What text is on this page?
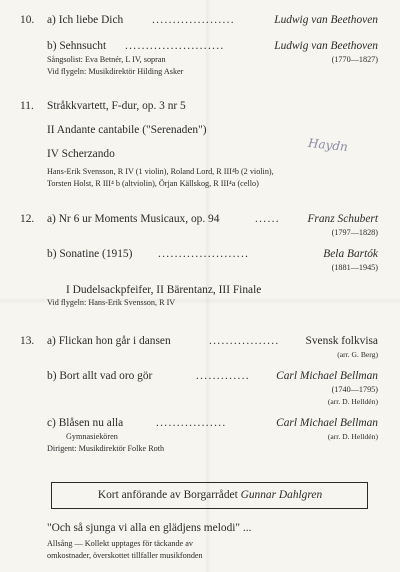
10. a) Ich liebe Dich	....................	Ludwig van Beethoven
b) Sehnsucht ........................	Ludwig van Beethoven
Sångsolist: Eva Betnér, L IV, sopran	(1770—1827)
Vid flygeln: Musikdirektör Hilding Asker
11. Stråkkvartett, F-dur, op. 3 nr 5
Haydn
II Andante cantabile ("Serenaden")
IV Scherzando
Hans-Erik Svensson, R IV (1 violin), Roland Lord, R III⁴b (2 violin),
Torsten Holst, R III⁴ b (altviolin), Örjan Källskog, R III⁴a (cello)
12. a) Nr 6 ur Moments Musicaux, op. 94	...... Franz Schubert
(1797—1828)
b) Sonatine (1915) ......................	Bela Bartók
(1881—1945)
I Dudelsackpfeifer, II Bärentanz, III Finale
Vid flygeln: Hans-Erik Svensson, R IV
13. a) Flickan hon går i dansen	................. Svensk folkvisa
(arr. G. Berg)
b) Bort allt vad oro gör	............. Carl Michael Bellman
(1740—1795)
(arr. D. Helldén)
c) Blåsen nu alla	.................	Carl Michael Bellman
Gymnasiekören	(arr. D. Helldén)
Dirigent: Musikdirektör Folke Roth
Kort anförande av Borgarrådet Gunnar Dahlgren
"Och så sjunga vi alla en glädjens melodi" ...
Allsång — Kollekt upptages för täckande av
omkostnader, överskottet tillfaller musikfonden
